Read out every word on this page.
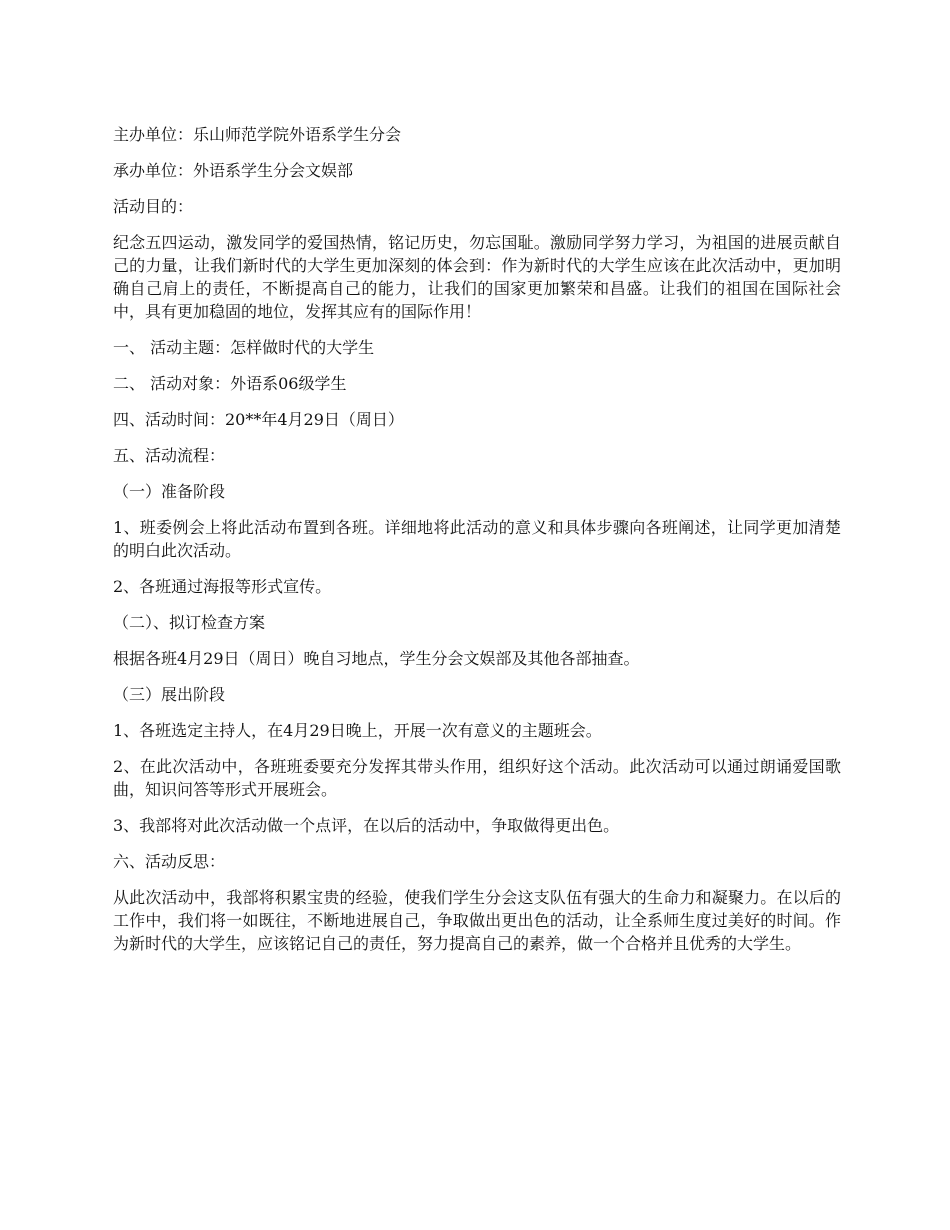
主办单位：乐山师范学院外语系学生分会

承办单位：外语系学生分会文娱部

活动目的：

纪念五四运动，激发同学的爱国热情，铭记历史，勿忘国耻。激励同学努力学习，为祖国的进展贡献自己的力量，让我们新时代的大学生更加深刻的体会到：作为新时代的大学生应该在此次活动中，更加明确自己肩上的责任，不断提高自己的能力，让我们的国家更加繁荣和昌盛。让我们的祖国在国际社会中，具有更加稳固的地位，发挥其应有的国际作用！

一、 活动主题：怎样做时代的大学生

二、 活动对象：外语系06级学生

四、活动时间：20**年4月29日（周日）

五、活动流程：

（一）准备阶段

1、班委例会上将此活动布置到各班。详细地将此活动的意义和具体步骤向各班阐述，让同学更加清楚的明白此次活动。

2、各班通过海报等形式宣传。

（二）、拟订检查方案

根据各班4月29日（周日）晚自习地点，学生分会文娱部及其他各部抽查。

（三）展出阶段

1、各班选定主持人，在4月29日晚上，开展一次有意义的主题班会。

2、在此次活动中，各班班委要充分发挥其带头作用，组织好这个活动。此次活动可以通过朗诵爱国歌曲，知识问答等形式开展班会。

3、我部将对此次活动做一个点评，在以后的活动中，争取做得更出色。

六、活动反思：

从此次活动中，我部将积累宝贵的经验，使我们学生分会这支队伍有强大的生命力和凝聚力。在以后的工作中，我们将一如既往，不断地进展自己，争取做出更出色的活动，让全系师生度过美好的时间。作为新时代的大学生，应该铭记自己的责任，努力提高自己的素养，做一个合格并且优秀的大学生。
